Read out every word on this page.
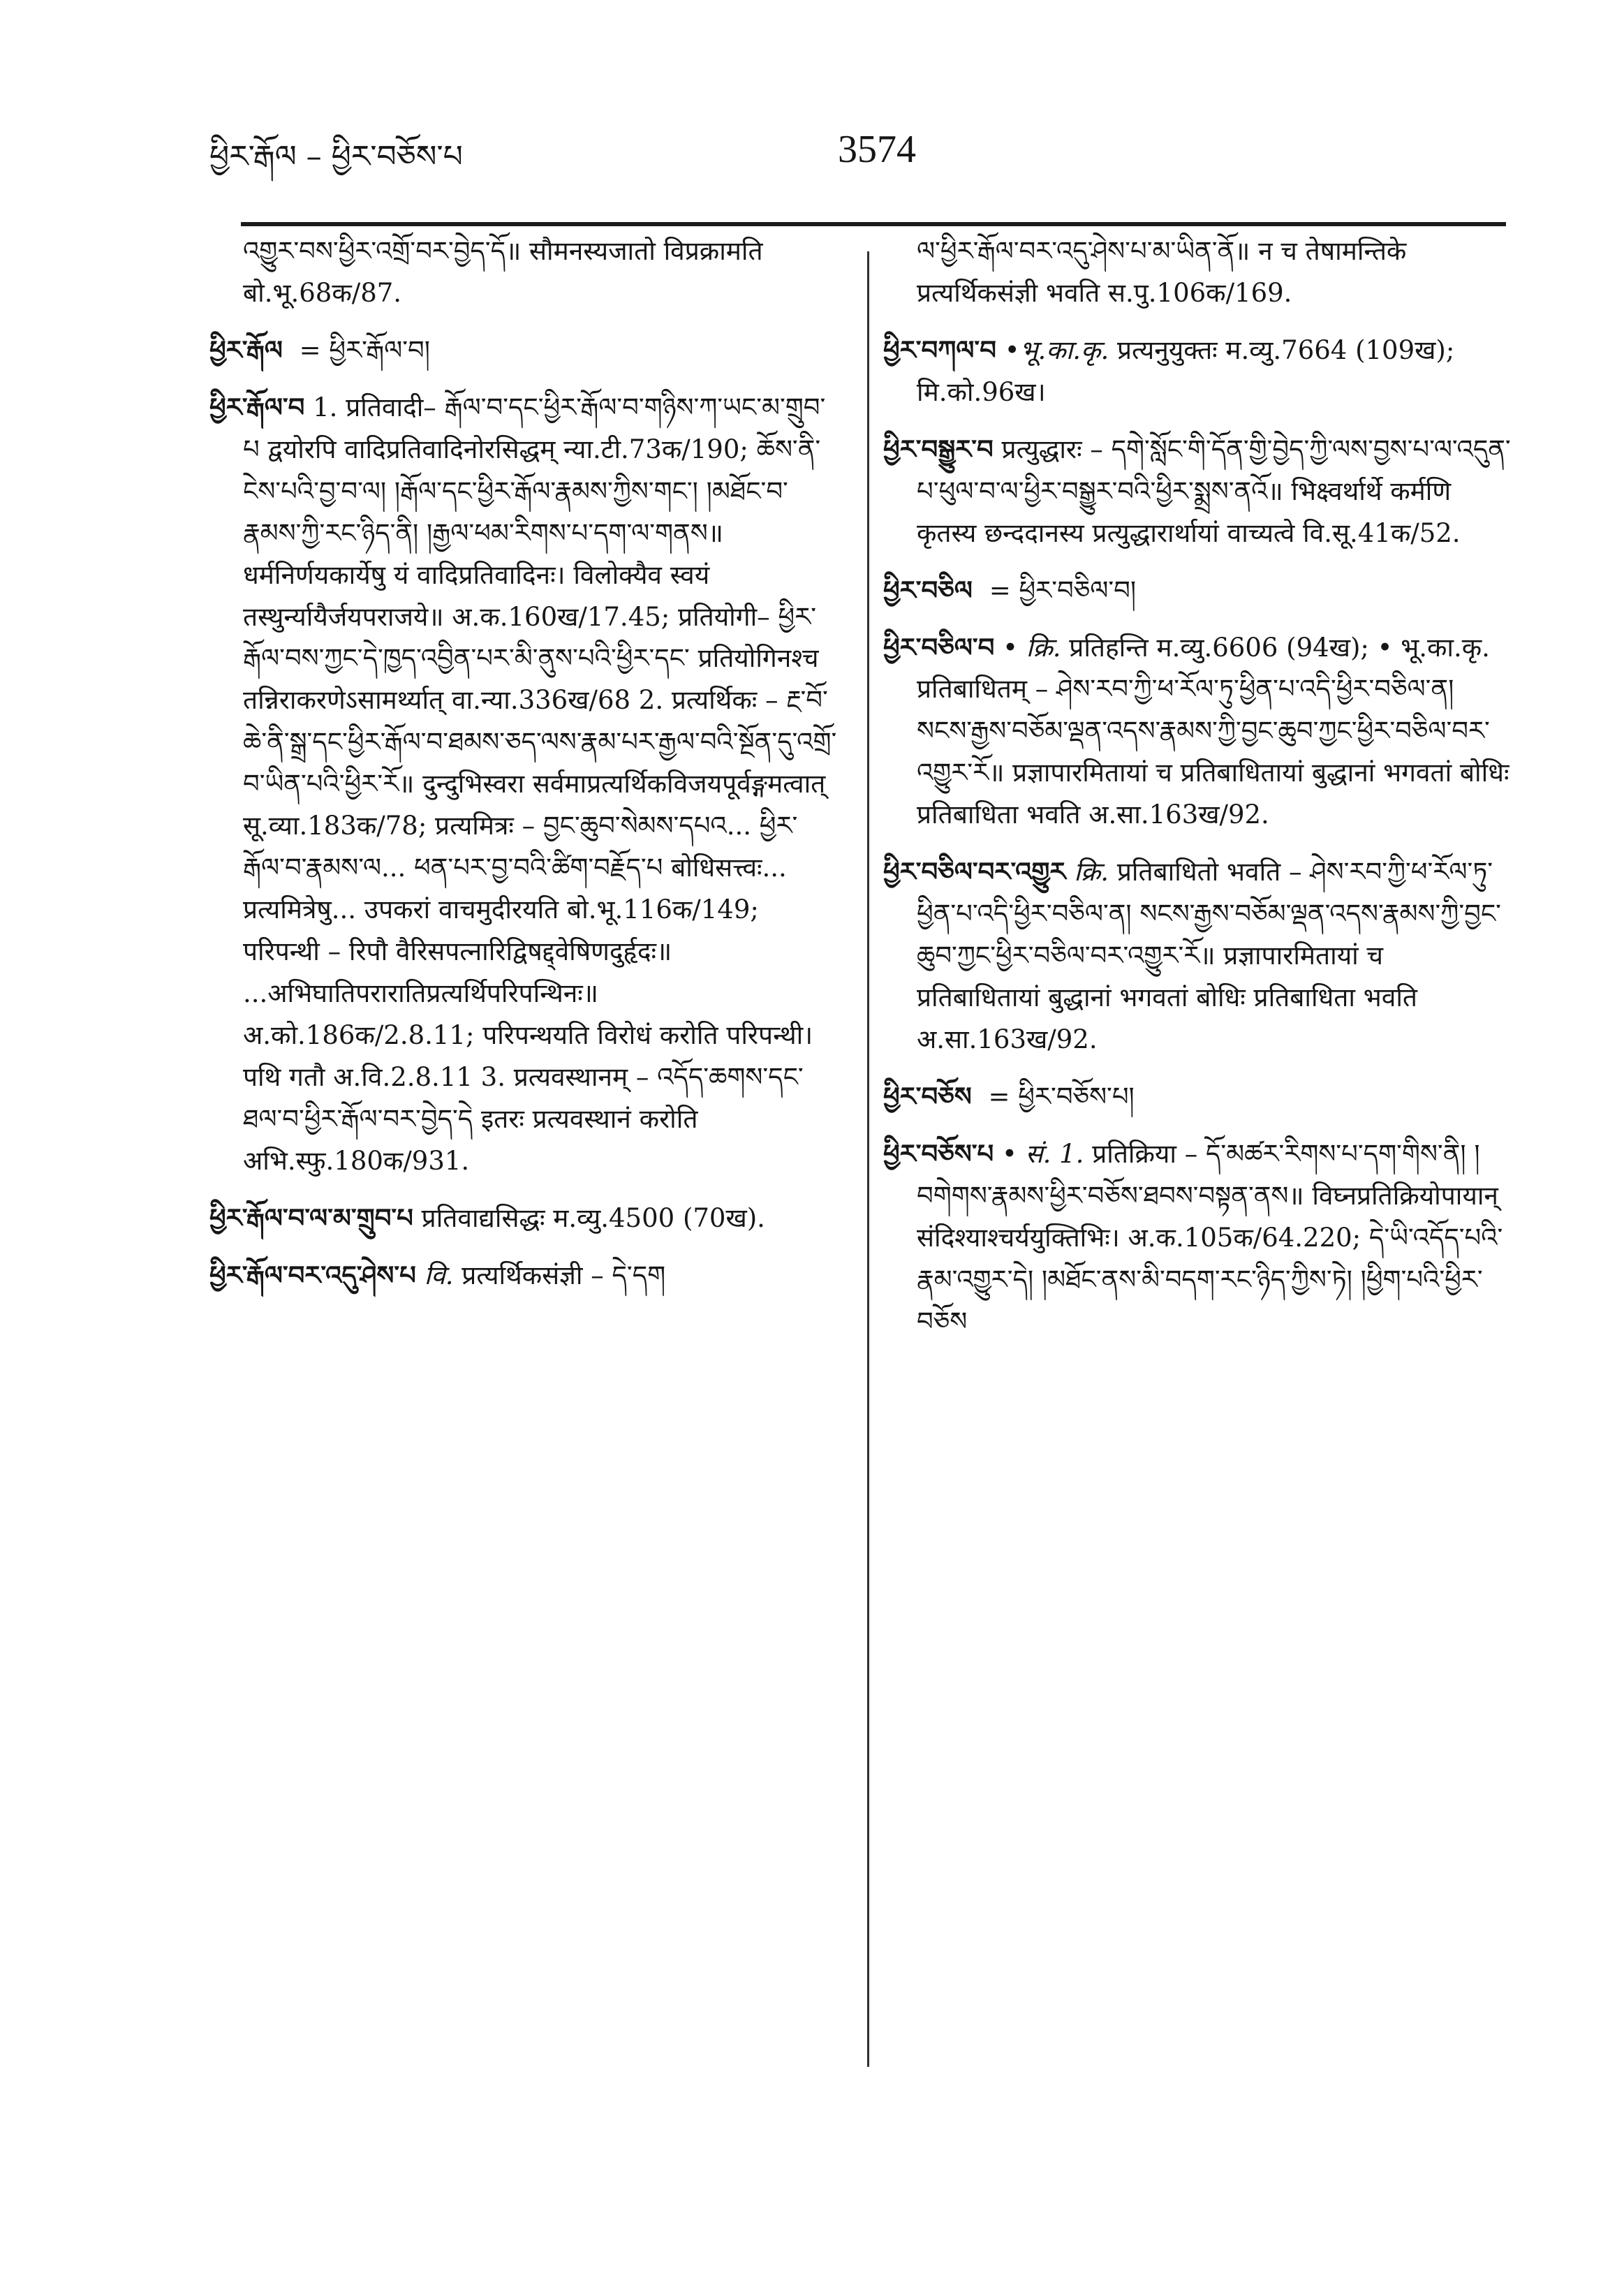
ཕྱིར་རྒོལ – ཕྱིར་བཅོས་པ	3574

འགྱུར་བས་ཕྱིར་འགྲོ་བར་བྱེད་དོ॥ सौमनस्यजातो विप्रक्रामति बो.भू.68क/87.

ཕྱིར་རྒོལ = ཕྱིར་རྒོལ་བ།

ཕྱིར་རྒོལ་བ 1. प्रतिवादी– རྒོལ་བ་དང་ཕྱིར་རྒོལ་བ་གཉིས་ཀ་ཡང་མ་གྲུབ་པ द्वयोरपि वादिप्रतिवादिनोरसिद्धम् न्या.टी.73क/190; ཆོས་ནི་ངེས་པའི་བྱ་བ་ལ། །རྒོལ་དང་ཕྱིར་རྒོལ་རྣམས་ཀྱིས་གང་། །མཐོང་བ་རྣམས་ཀྱི་རང་ཉིད་ནི། །རྒྱལ་ཕམ་རིགས་པ་དག་ལ་གནས॥ धर्मनिर्णयकार्येषु यं वादिप्रतिवादिनः। विलोक्यैव स्वयं तस्थुर्न्यायैर्जयपराजये॥ अ.क.160ख/17.45; प्रतियोगी– ཕྱིར་རྒོལ་བས་ཀྱང་དེ་ཁྱད་འབྱིན་པར་མི་ནུས་པའི་ཕྱིར་དང་ प्रतियोगिनश्च तन्निराकरणेऽसामर्थ्यात् वा.न्या.336ख/68 2. प्रत्यर्थिकः – རྔ་བོ་ཆེ་ནི་སྒྲ་དང་ཕྱིར་རྒོལ་བ་ཐམས་ཅད་ལས་རྣམ་པར་རྒྱལ་བའི་སྔོན་དུ་འགྲོ་བ་ཡིན་པའི་ཕྱིར་རོ॥ दुन्दुभिस्वरा सर्वमाप्रत्यर्थिकविजयपूर्वङ्गमत्वात् सू.व्या.183क/78; प्रत्यमित्रः – བྱང་ཆུབ་སེམས་དཔའ... ཕྱིར་རྒོལ་བ་རྣམས་ལ... ཕན་པར་བྱ་བའི་ཚིག་བརྗོད་པ बोधिसत्त्वः... प्रत्यमित्रेषु... उपकरां वाचमुदीरयति बो.भू.116क/149; परिपन्थी – रिपौ वैरिसपत्नारिद्विषद्द्वेषिणदुर्हृदः॥ ...अभिघातिपरारातिप्रत्यर्थिपरिपन्थिनः॥ अ.को.186क/2.8.11; परिपन्थयति विरोधं करोति परिपन्थी। पथि गतौ अ.वि.2.8.11 3. प्रत्यवस्थानम् – འདོད་ཆགས་དང་ཐལ་བ་ཕྱིར་རྒོལ་བར་བྱེད་དེ इतरः प्रत्यवस्थानं करोति अभि.स्फु.180क/931.

ཕྱིར་རྒོལ་བ་ལ་མ་གྲུབ་པ प्रतिवाद्यसिद्धः म.व्यु.4500 (70ख).

ཕྱིར་རྒོལ་བར་འདུ་ཤེས་པ वि. प्रत्यर्थिकसंज्ञी – དེ་དག

ལ་ཕྱིར་རྒོལ་བར་འདུ་ཤེས་པ་མ་ཡིན་ནོ॥ न च तेषामन्तिके प्रत्यर्थिकसंज्ञी भवति स.पु.106क/169.

ཕྱིར་བཀལ་བ •भू.का.कृ. प्रत्यनुयुक्तः म.व्यु.7664 (109ख); मि.को.96ख।

ཕྱིར་བསྒྱུར་བ प्रत्युद्धारः – དགེ་སློང་གི་དོན་གྱི་བྱེད་ཀྱི་ལས་བྱས་པ་ལ་འདུན་པ་ཕུལ་བ་ལ་ཕྱིར་བསྒྱུར་བའི་ཕྱིར་སྨྲས་ནའོ॥ भिक्ष्वर्थार्थे कर्मणि कृतस्य छन्ददानस्य प्रत्युद्धारार्थायां वाच्यत्वे वि.सू.41क/52.

ཕྱིར་བཅིལ = ཕྱིར་བཅིལ་བ།

ཕྱིར་བཅིལ་བ • क्रि. प्रतिहन्ति म.व्यु.6606 (94ख); • भू.का.कृ. प्रतिबाधितम् – ཤེས་རབ་ཀྱི་ཕ་རོལ་ཏུ་ཕྱིན་པ་འདི་ཕྱིར་བཅིལ་ན། སངས་རྒྱས་བཅོམ་ལྡན་འདས་རྣམས་ཀྱི་བྱང་ཆུབ་ཀྱང་ཕྱིར་བཅིལ་བར་འགྱུར་རོ॥ प्रज्ञापारमितायां च प्रतिबाधितायां बुद्धानां भगवतां बोधिः प्रतिबाधिता भवति अ.सा.163ख/92.

ཕྱིར་བཅིལ་བར་འགྱུར क्रि. प्रतिबाधितो भवति – ཤེས་རབ་ཀྱི་ཕ་རོལ་ཏུ་ཕྱིན་པ་འདི་ཕྱིར་བཅིལ་ན། སངས་རྒྱས་བཅོམ་ལྡན་འདས་རྣམས་ཀྱི་བྱང་ཆུབ་ཀྱང་ཕྱིར་བཅིལ་བར་འགྱུར་རོ॥ प्रज्ञापारमितायां च प्रतिबाधितायां बुद्धानां भगवतां बोधिः प्रतिबाधिता भवति अ.सा.163ख/92.

ཕྱིར་བཅོས = ཕྱིར་བཅོས་པ།

ཕྱིར་བཅོས་པ • सं. 1. प्रतिक्रिया – དོ་མཚར་རིགས་པ་དག་གིས་ནི། །བགེགས་རྣམས་ཕྱིར་བཅོས་ཐབས་བསྟན་ནས॥ विघ्नप्रतिक्रियोपायान् संदिश्याश्चर्ययुक्तिभिः। अ.क.105क/64.220; དེ་ཡི་འདོད་པའི་རྣམ་འགྱུར་དེ། །མཐོང་ནས་མི་བདག་རང་ཉིད་ཀྱིས་ཏེ། །ཕྱིག་པའི་ཕྱིར་བཅོས
